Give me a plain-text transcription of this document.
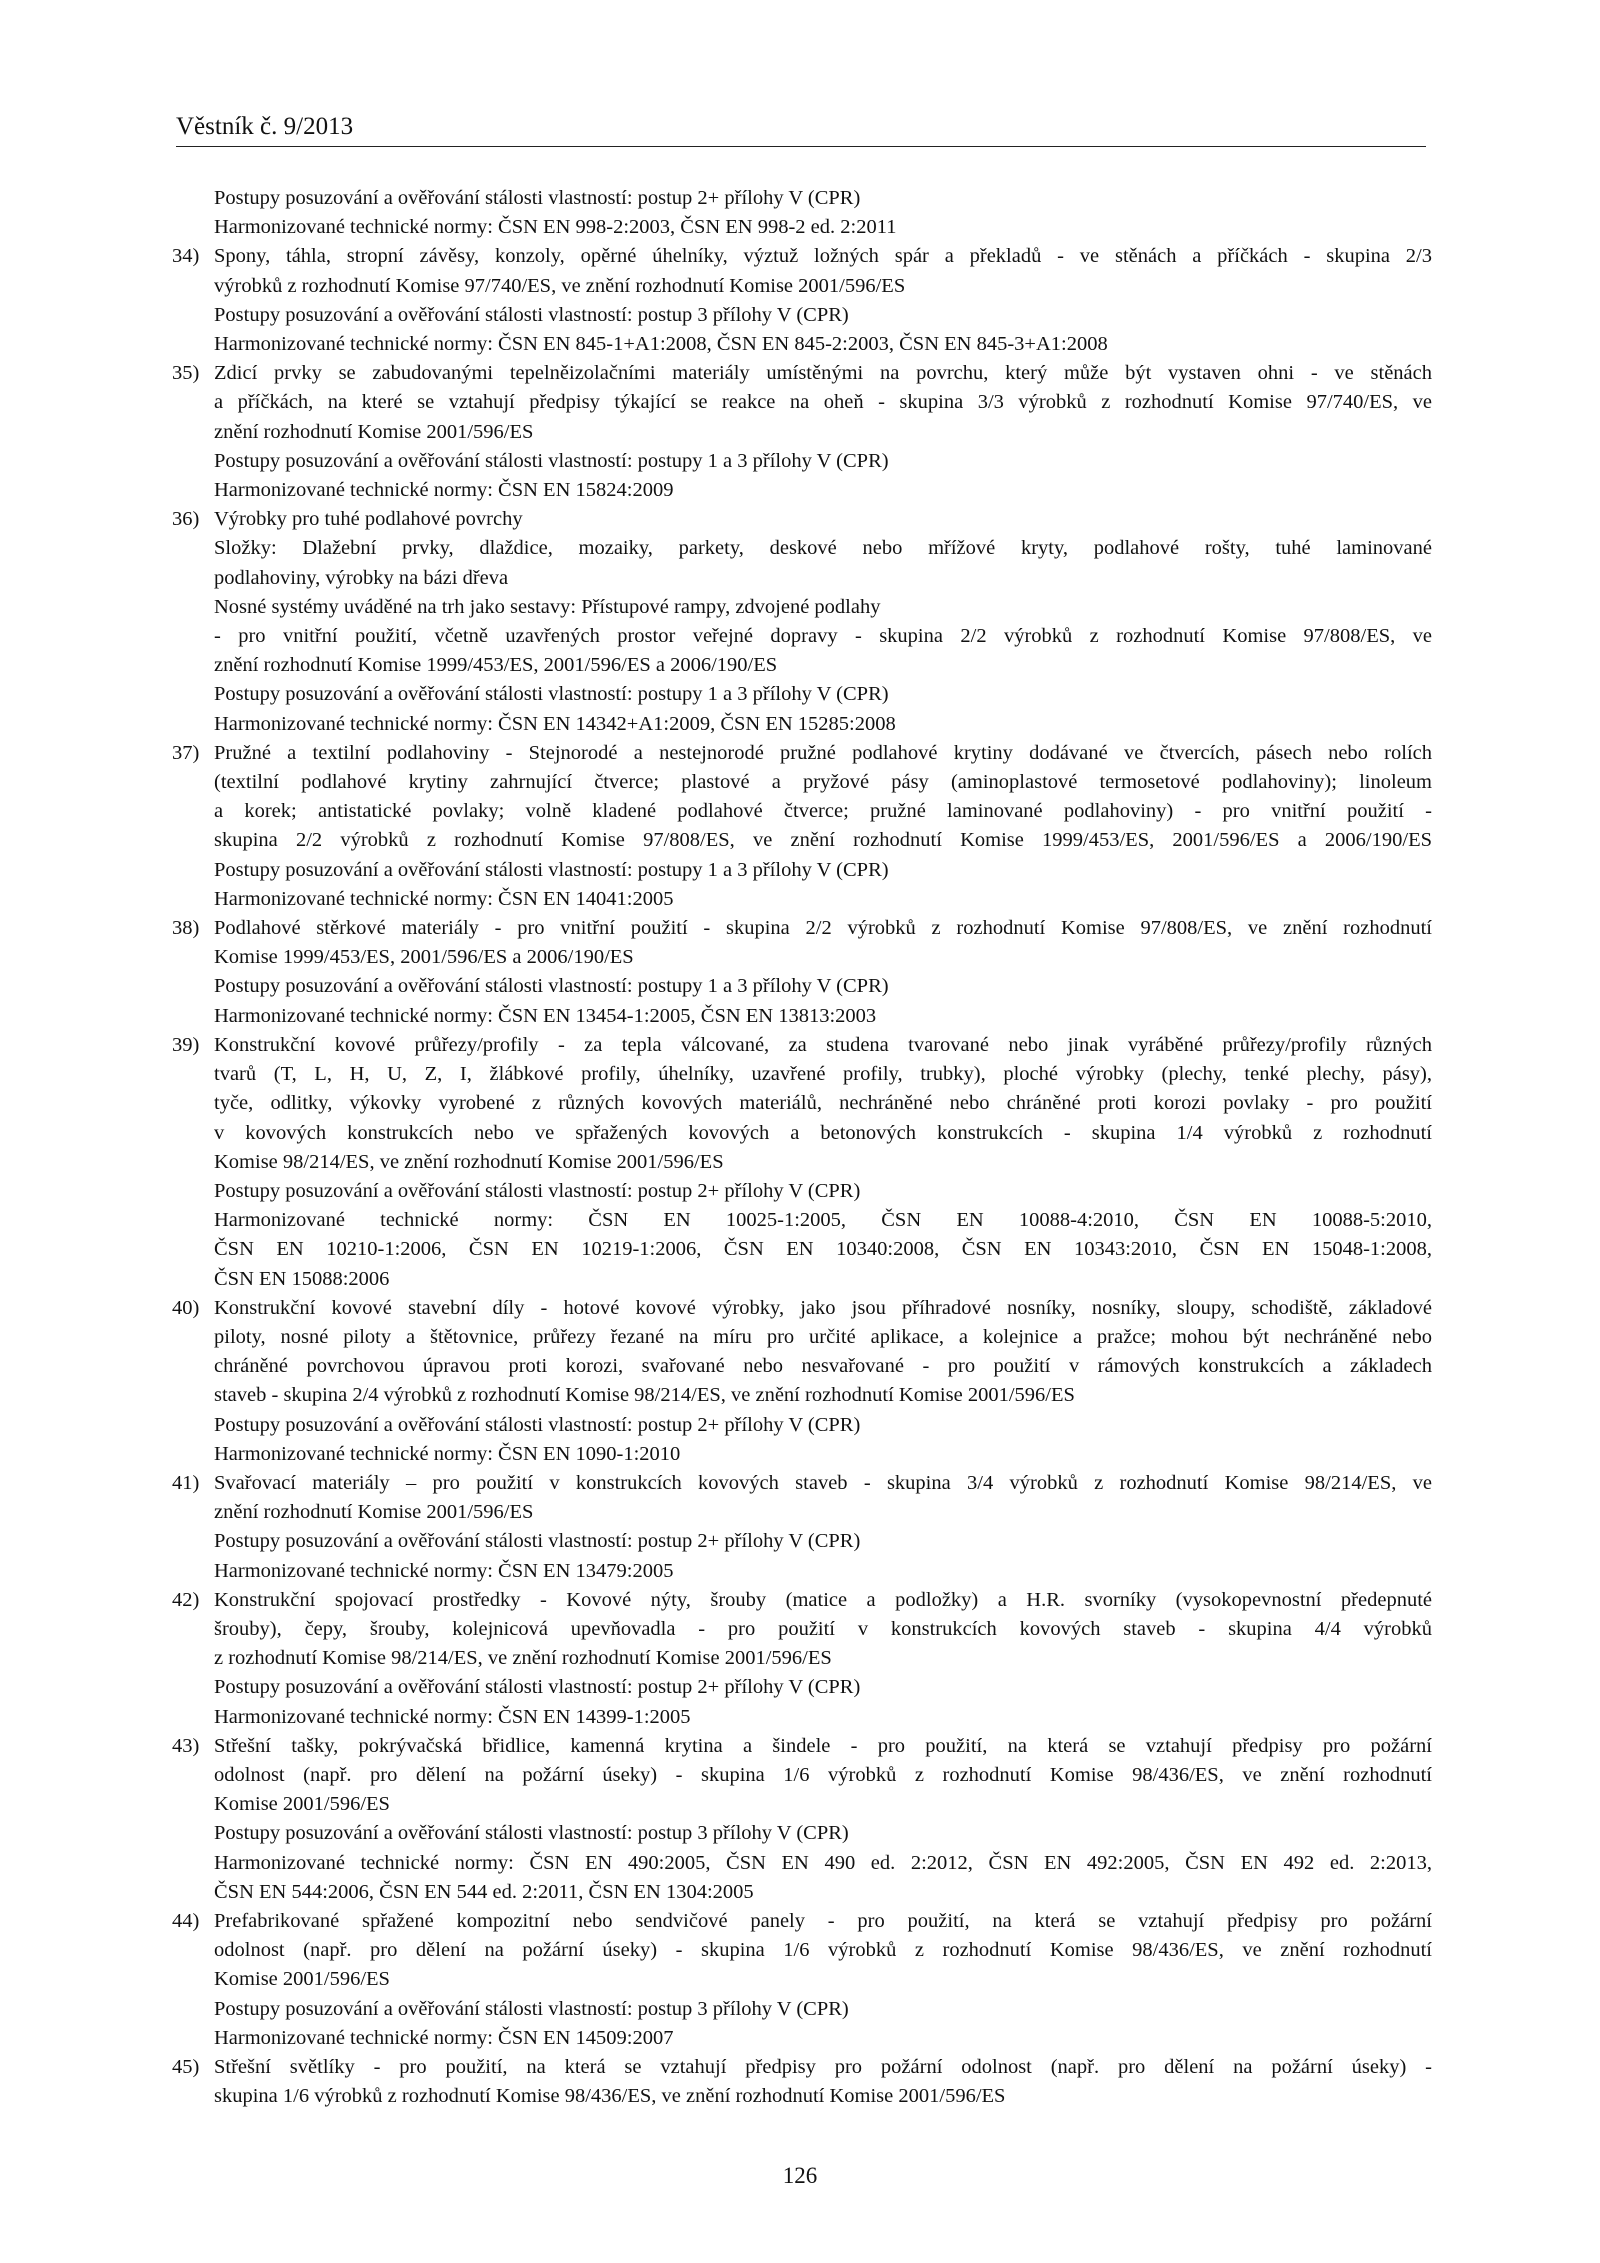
Věstník č. 9/2013
Postupy posuzování a ověřování stálosti vlastností: postup 2+ přílohy V (CPR)
Harmonizované technické normy: ČSN EN 998-2:2003, ČSN EN 998-2 ed. 2:2011
34) Spony, táhla, stropní závěsy, konzoly, opěrné úhelníky, výztuž ložných spár a překladů - ve stěnách a příčkách - skupina 2/3
výrobků z rozhodnutí Komise 97/740/ES, ve znění rozhodnutí Komise 2001/596/ES
Postupy posuzování a ověřování stálosti vlastností: postup 3 přílohy V (CPR)
Harmonizované technické normy: ČSN EN 845-1+A1:2008, ČSN EN 845-2:2003, ČSN EN 845-3+A1:2008
35) Zdicí prvky se zabudovanými tepelněizolačními materiály umístěnými na povrchu, který může být vystaven ohni - ve stěnách
a příčkách, na které se vztahují předpisy týkající se reakce na oheň - skupina 3/3 výrobků z rozhodnutí Komise 97/740/ES, ve
znění rozhodnutí Komise 2001/596/ES
Postupy posuzování a ověřování stálosti vlastností: postupy 1 a 3 přílohy V (CPR)
Harmonizované technické normy: ČSN EN 15824:2009
36) Výrobky pro tuhé podlahové povrchy
Složky: Dlažební prvky, dlaždice, mozaiky, parkety, deskové nebo mřížové kryty, podlahové rošty, tuhé laminované
podlahoviny, výrobky na bázi dřeva
Nosné systémy uváděné na trh jako sestavy: Přístupové rampy, zdvojené podlahy
- pro vnitřní použití, včetně uzavřených prostor veřejné dopravy - skupina 2/2 výrobků z rozhodnutí Komise 97/808/ES, ve
znění rozhodnutí Komise 1999/453/ES, 2001/596/ES a 2006/190/ES
Postupy posuzování a ověřování stálosti vlastností: postupy 1 a 3 přílohy V (CPR)
Harmonizované technické normy: ČSN EN 14342+A1:2009, ČSN EN 15285:2008
37) Pružné a textilní podlahoviny - Stejnorodé a nestejnorodé pružné podlahové krytiny dodávané ve čtvercích, pásech nebo rolích
(textilní podlahové krytiny zahrnující čtverce; plastové a pryžové pásy (aminoplastové termosetové podlahoviny); linoleum
a korek; antistatické povlaky; volně kladené podlahové čtverce; pružné laminované podlahoviny) - pro vnitřní použití -
skupina 2/2 výrobků z rozhodnutí Komise 97/808/ES, ve znění rozhodnutí Komise 1999/453/ES, 2001/596/ES a 2006/190/ES
Postupy posuzování a ověřování stálosti vlastností: postupy 1 a 3 přílohy V (CPR)
Harmonizované technické normy: ČSN EN 14041:2005
38) Podlahové stěrkové materiály - pro vnitřní použití - skupina 2/2 výrobků z rozhodnutí Komise 97/808/ES, ve znění rozhodnutí
Komise 1999/453/ES, 2001/596/ES a 2006/190/ES
Postupy posuzování a ověřování stálosti vlastností: postupy 1 a 3 přílohy V (CPR)
Harmonizované technické normy: ČSN EN 13454-1:2005, ČSN EN 13813:2003
39) Konstrukční kovové průřezy/profily - za tepla válcované, za studena tvarované nebo jinak vyráběné průřezy/profily různých
tvarů (T, L, H, U, Z, I, žlábkové profily, úhelníky, uzavřené profily, trubky), ploché výrobky (plechy, tenké plechy, pásy),
tyče, odlitky, výkovky vyrobené z různých kovových materiálů, nechráněné nebo chráněné proti korozi povlaky - pro použití
v kovových konstrukcích nebo ve spřažených kovových a betonových konstrukcích - skupina 1/4 výrobků z rozhodnutí
Komise 98/214/ES, ve znění rozhodnutí Komise 2001/596/ES
Postupy posuzování a ověřování stálosti vlastností: postup 2+ přílohy V (CPR)
Harmonizované technické normy: ČSN EN 10025-1:2005, ČSN EN 10088-4:2010, ČSN EN 10088-5:2010,
ČSN EN 10210-1:2006, ČSN EN 10219-1:2006, ČSN EN 10340:2008, ČSN EN 10343:2010, ČSN EN 15048-1:2008,
ČSN EN 15088:2006
40) Konstrukční kovové stavební díly - hotové kovové výrobky, jako jsou příhradové nosníky, nosníky, sloupy, schodiště, základové
piloty, nosné piloty a štětovnice, průřezy řezané na míru pro určité aplikace, a kolejnice a pražce; mohou být nechráněné nebo
chráněné povrchovou úpravou proti korozi, svařované nebo nesvařované - pro použití v rámových konstrukcích a základech
staveb - skupina 2/4 výrobků z rozhodnutí Komise 98/214/ES, ve znění rozhodnutí Komise 2001/596/ES
Postupy posuzování a ověřování stálosti vlastností: postup 2+ přílohy V (CPR)
Harmonizované technické normy: ČSN EN 1090-1:2010
41) Svařovací materiály – pro použití v konstrukcích kovových staveb - skupina 3/4 výrobků z rozhodnutí Komise 98/214/ES, ve
znění rozhodnutí Komise 2001/596/ES
Postupy posuzování a ověřování stálosti vlastností: postup 2+ přílohy V (CPR)
Harmonizované technické normy: ČSN EN 13479:2005
42) Konstrukční spojovací prostředky - Kovové nýty, šrouby (matice a podložky) a H.R. svorníky (vysokopevnostní předepnuté
šrouby), čepy, šrouby, kolejnicová upevňovadla - pro použití v konstrukcích kovových staveb - skupina 4/4 výrobků
z rozhodnutí Komise 98/214/ES, ve znění rozhodnutí Komise 2001/596/ES
Postupy posuzování a ověřování stálosti vlastností: postup 2+ přílohy V (CPR)
Harmonizované technické normy: ČSN EN 14399-1:2005
43) Střešní tašky, pokrývačská břidlice, kamenná krytina a šindele - pro použití, na která se vztahují předpisy pro požární
odolnost (např. pro dělení na požární úseky) - skupina 1/6 výrobků z rozhodnutí Komise 98/436/ES, ve znění rozhodnutí
Komise 2001/596/ES
Postupy posuzování a ověřování stálosti vlastností: postup 3 přílohy V (CPR)
Harmonizované technické normy: ČSN EN 490:2005, ČSN EN 490 ed. 2:2012, ČSN EN 492:2005, ČSN EN 492 ed. 2:2013,
ČSN EN 544:2006, ČSN EN 544 ed. 2:2011, ČSN EN 1304:2005
44) Prefabrikované spřažené kompozitní nebo sendvičové panely - pro použití, na která se vztahují předpisy pro požární
odolnost (např. pro dělení na požární úseky) - skupina 1/6 výrobků z rozhodnutí Komise 98/436/ES, ve znění rozhodnutí
Komise 2001/596/ES
Postupy posuzování a ověřování stálosti vlastností: postup 3 přílohy V (CPR)
Harmonizované technické normy: ČSN EN 14509:2007
45) Střešní světlíky - pro použití, na která se vztahují předpisy pro požární odolnost (např. pro dělení na požární úseky) -
skupina 1/6 výrobků z rozhodnutí Komise 98/436/ES, ve znění rozhodnutí Komise 2001/596/ES
126
